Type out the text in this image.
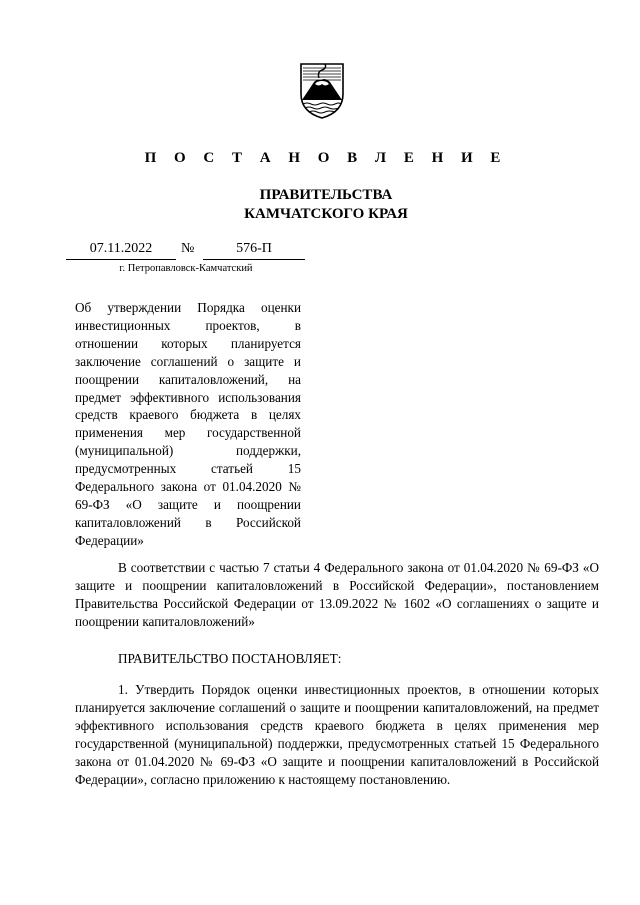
П О С Т А Н О В Л Е Н И Е
ПРАВИТЕЛЬСТВА
КАМЧАТСКОГО КРАЯ
07.11.2022	№	576-П
г. Петропавловск-Камчатский
Об утверждении Порядка оценки инвестиционных проектов, в отношении которых планируется заключение соглашений о защите и поощрении капиталовложений, на предмет эффективного использования средств краевого бюджета в целях применения мер государственной (муниципальной) поддержки, предусмотренных статьей 15 Федерального закона от 01.04.2020 № 69-ФЗ «О защите и поощрении капиталовложений в Российской Федерации»
В соответствии с частью 7 статьи 4 Федерального закона от 01.04.2020 № 69-ФЗ «О защите и поощрении капиталовложений в Российской Федерации», постановлением Правительства Российской Федерации от 13.09.2022 № 1602 «О соглашениях о защите и поощрении капиталовложений»
ПРАВИТЕЛЬСТВО ПОСТАНОВЛЯЕТ:
1. Утвердить Порядок оценки инвестиционных проектов, в отношении которых планируется заключение соглашений о защите и поощрении капиталовложений, на предмет эффективного использования средств краевого бюджета в целях применения мер государственной (муниципальной) поддержки, предусмотренных статьей 15 Федерального закона от 01.04.2020 № 69-ФЗ «О защите и поощрении капиталовложений в Российской Федерации», согласно приложению к настоящему постановлению.
